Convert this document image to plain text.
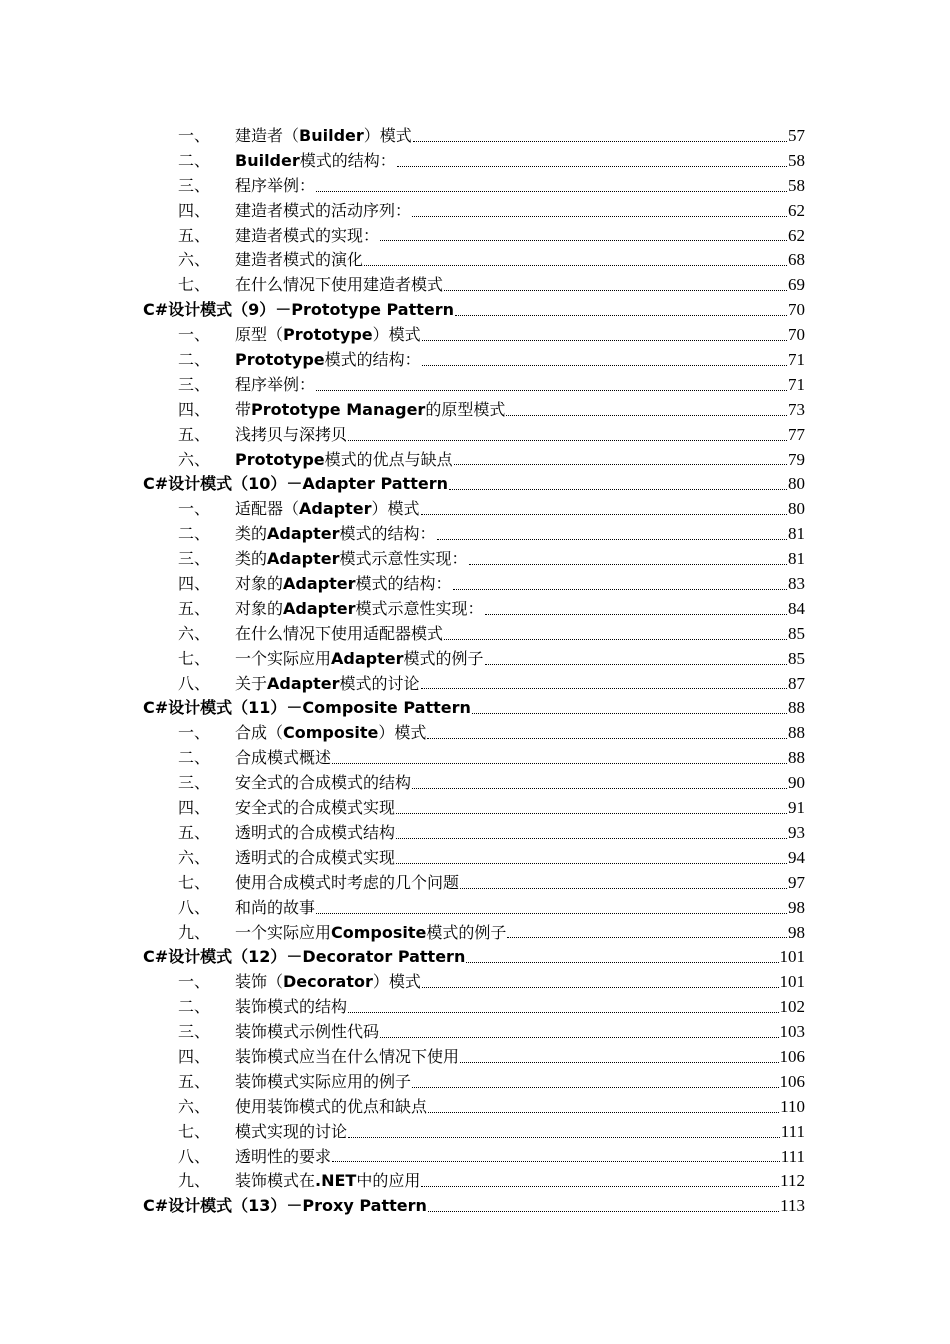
一、	建造者（Builder）模式	57
二、	Builder模式的结构：	58
三、	程序举例：	58
四、	建造者模式的活动序列：	62
五、	建造者模式的实现：	62
六、	建造者模式的演化	68
七、	在什么情况下使用建造者模式	69
C#设计模式（9）－Prototype Pattern	70
一、	原型（Prototype）模式	70
二、	Prototype模式的结构：	71
三、	程序举例：	71
四、	带Prototype Manager的原型模式	73
五、	浅拷贝与深拷贝	77
六、	Prototype模式的优点与缺点	79
C#设计模式（10）－Adapter Pattern	80
一、	适配器（Adapter）模式	80
二、	类的Adapter模式的结构：	81
三、	类的Adapter模式示意性实现：	81
四、	对象的Adapter模式的结构：	83
五、	对象的Adapter模式示意性实现：	84
六、	在什么情况下使用适配器模式	85
七、	一个实际应用Adapter模式的例子	85
八、	关于Adapter模式的讨论	87
C#设计模式（11）－Composite Pattern	88
一、	合成（Composite）模式	88
二、	合成模式概述	88
三、	安全式的合成模式的结构	90
四、	安全式的合成模式实现	91
五、	透明式的合成模式结构	93
六、	透明式的合成模式实现	94
七、	使用合成模式时考虑的几个问题	97
八、	和尚的故事	98
九、	一个实际应用Composite模式的例子	98
C#设计模式（12）－Decorator Pattern	101
一、	装饰（Decorator）模式	101
二、	装饰模式的结构	102
三、	装饰模式示例性代码	103
四、	装饰模式应当在什么情况下使用	106
五、	装饰模式实际应用的例子	106
六、	使用装饰模式的优点和缺点	110
七、	模式实现的讨论	111
八、	透明性的要求	111
九、	装饰模式在.NET中的应用	112
C#设计模式（13）－Proxy Pattern	113
